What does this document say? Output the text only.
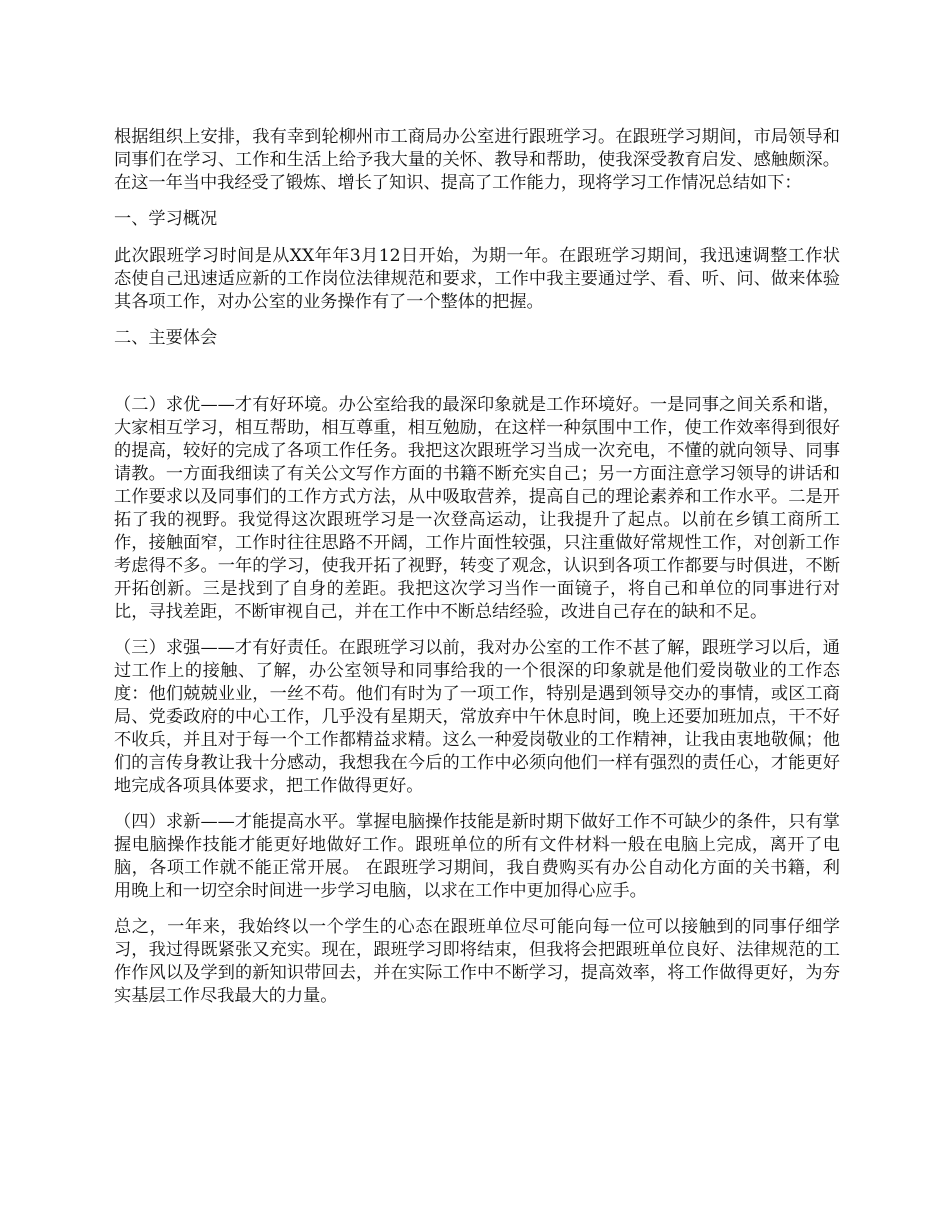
根据组织上安排，我有幸到轮柳州市工商局办公室进行跟班学习。在跟班学习期间，市局领导和同事们在学习、工作和生活上给予我大量的关怀、教导和帮助，使我深受教育启发、感触颇深。在这一年当中我经受了锻炼、增长了知识、提高了工作能力，现将学习工作情况总结如下：

一、学习概况

此次跟班学习时间是从XX年年3月12日开始，为期一年。在跟班学习期间，我迅速调整工作状态使自己迅速适应新的工作岗位法律规范和要求，工作中我主要通过学、看、听、问、做来体验其各项工作，对办公室的业务操作有了一个整体的把握。

二、主要体会

（二）求优——才有好环境。办公室给我的最深印象就是工作环境好。一是同事之间关系和谐，大家相互学习，相互帮助，相互尊重，相互勉励，在这样一种氛围中工作，使工作效率得到很好的提高，较好的完成了各项工作任务。我把这次跟班学习当成一次充电，不懂的就向领导、同事请教。一方面我细读了有关公文写作方面的书籍不断充实自己；另一方面注意学习领导的讲话和工作要求以及同事们的工作方式方法，从中吸取营养，提高自己的理论素养和工作水平。二是开拓了我的视野。我觉得这次跟班学习是一次登高运动，让我提升了起点。以前在乡镇工商所工作，接触面窄，工作时往往思路不开阔，工作片面性较强，只注重做好常规性工作，对创新工作考虑得不多。一年的学习，使我开拓了视野，转变了观念，认识到各项工作都要与时俱进，不断开拓创新。三是找到了自身的差距。我把这次学习当作一面镜子，将自己和单位的同事进行对比，寻找差距，不断审视自己，并在工作中不断总结经验，改进自己存在的缺和不足。

（三）求强——才有好责任。在跟班学习以前，我对办公室的工作不甚了解，跟班学习以后，通过工作上的接触、了解，办公室领导和同事给我的一个很深的印象就是他们爱岗敬业的工作态度：他们兢兢业业，一丝不苟。他们有时为了一项工作，特别是遇到领导交办的事情，或区工商局、党委政府的中心工作，几乎没有星期天，常放弃中午休息时间，晚上还要加班加点，干不好不收兵，并且对于每一个工作都精益求精。这么一种爱岗敬业的工作精神，让我由衷地敬佩；他们的言传身教让我十分感动，我想我在今后的工作中必须向他们一样有强烈的责任心，才能更好地完成各项具体要求，把工作做得更好。

（四）求新——才能提高水平。掌握电脑操作技能是新时期下做好工作不可缺少的条件，只有掌握电脑操作技能才能更好地做好工作。跟班单位的所有文件材料一般在电脑上完成，离开了电脑，各项工作就不能正常开展。 在跟班学习期间，我自费购买有办公自动化方面的关书籍，利用晚上和一切空余时间进一步学习电脑，以求在工作中更加得心应手。

总之，一年来，我始终以一个学生的心态在跟班单位尽可能向每一位可以接触到的同事仔细学习，我过得既紧张又充实。现在，跟班学习即将结束，但我将会把跟班单位良好、法律规范的工作作风以及学到的新知识带回去，并在实际工作中不断学习，提高效率，将工作做得更好，为夯实基层工作尽我最大的力量。
